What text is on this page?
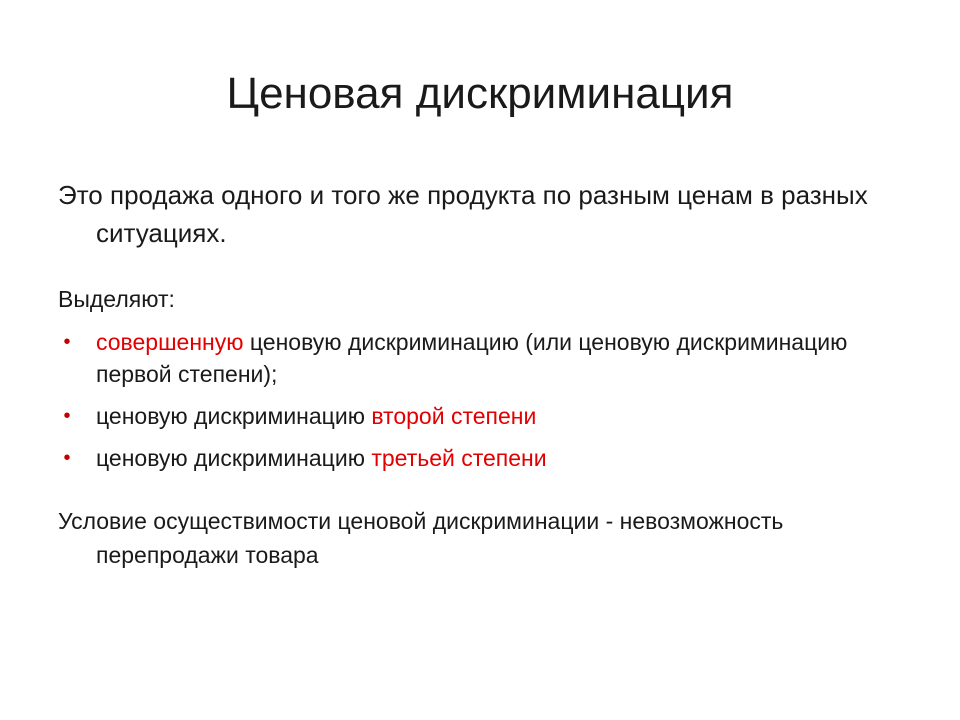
Ценовая дискриминация

Это продажа одного и того же продукта по разным ценам в разных ситуациях.

Выделяют:

• совершенную ценовую дискриминацию (или ценовую дискриминацию первой степени);
• ценовую дискриминацию второй степени
• ценовую дискриминацию третьей степени

Условие осуществимости ценовой дискриминации - невозможность перепродажи товара
